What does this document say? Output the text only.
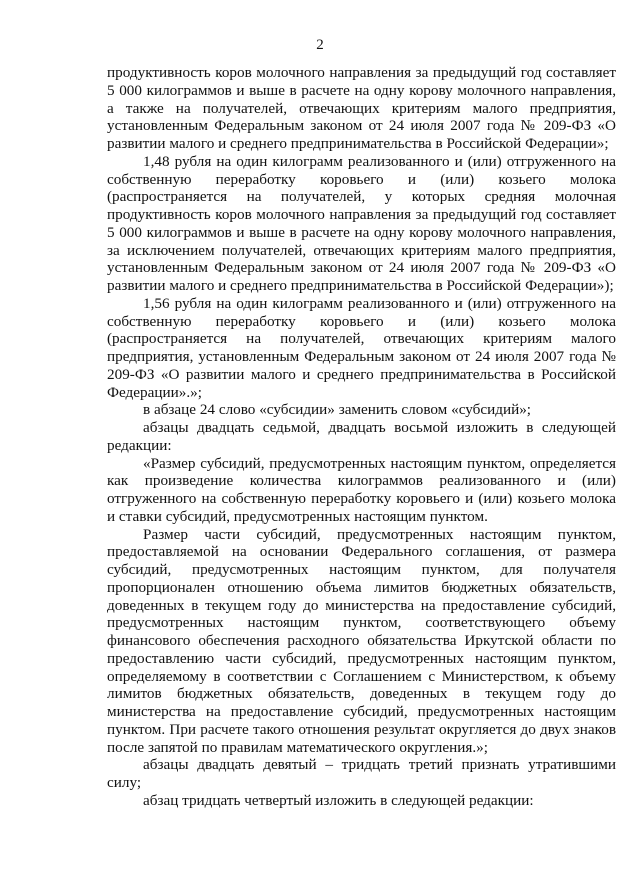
2

продуктивность коров молочного направления за предыдущий год составляет 5 000 килограммов и выше в расчете на одну корову молочного направления, а также на получателей, отвечающих критериям малого предприятия, установленным Федеральным законом от 24 июля 2007 года № 209-ФЗ «О развитии малого и среднего предпринимательства в Российской Федерации»;

1,48 рубля на один килограмм реализованного и (или) отгруженного на собственную переработку коровьего и (или) козьего молока (распространяется на получателей, у которых средняя молочная продуктивность коров молочного направления за предыдущий год составляет 5 000 килограммов и выше в расчете на одну корову молочного направления, за исключением получателей, отвечающих критериям малого предприятия, установленным Федеральным законом от 24 июля 2007 года № 209-ФЗ «О развитии малого и среднего предпринимательства в Российской Федерации»);

1,56 рубля на один килограмм реализованного и (или) отгруженного на собственную переработку коровьего и (или) козьего молока (распространяется на получателей, отвечающих критериям малого предприятия, установленным Федеральным законом от 24 июля 2007 года № 209-ФЗ «О развитии малого и среднего предпринимательства в Российской Федерации».»;

в абзаце 24 слово «субсидии» заменить словом «субсидий»;

абзацы двадцать седьмой, двадцать восьмой изложить в следующей редакции:

«Размер субсидий, предусмотренных настоящим пунктом, определяется как произведение количества килограммов реализованного и (или) отгруженного на собственную переработку коровьего и (или) козьего молока и ставки субсидий, предусмотренных настоящим пунктом.

Размер части субсидий, предусмотренных настоящим пунктом, предоставляемой на основании Федерального соглашения, от размера субсидий, предусмотренных настоящим пунктом, для получателя пропорционален отношению объема лимитов бюджетных обязательств, доведенных в текущем году до министерства на предоставление субсидий, предусмотренных настоящим пунктом, соответствующего объему финансового обеспечения расходного обязательства Иркутской области по предоставлению части субсидий, предусмотренных настоящим пунктом, определяемому в соответствии с Соглашением с Министерством, к объему лимитов бюджетных обязательств, доведенных в текущем году до министерства на предоставление субсидий, предусмотренных настоящим пунктом. При расчете такого отношения результат округляется до двух знаков после запятой по правилам математического округления.»;

абзацы двадцать девятый – тридцать третий признать утратившими силу;

абзац тридцать четвертый изложить в следующей редакции:
